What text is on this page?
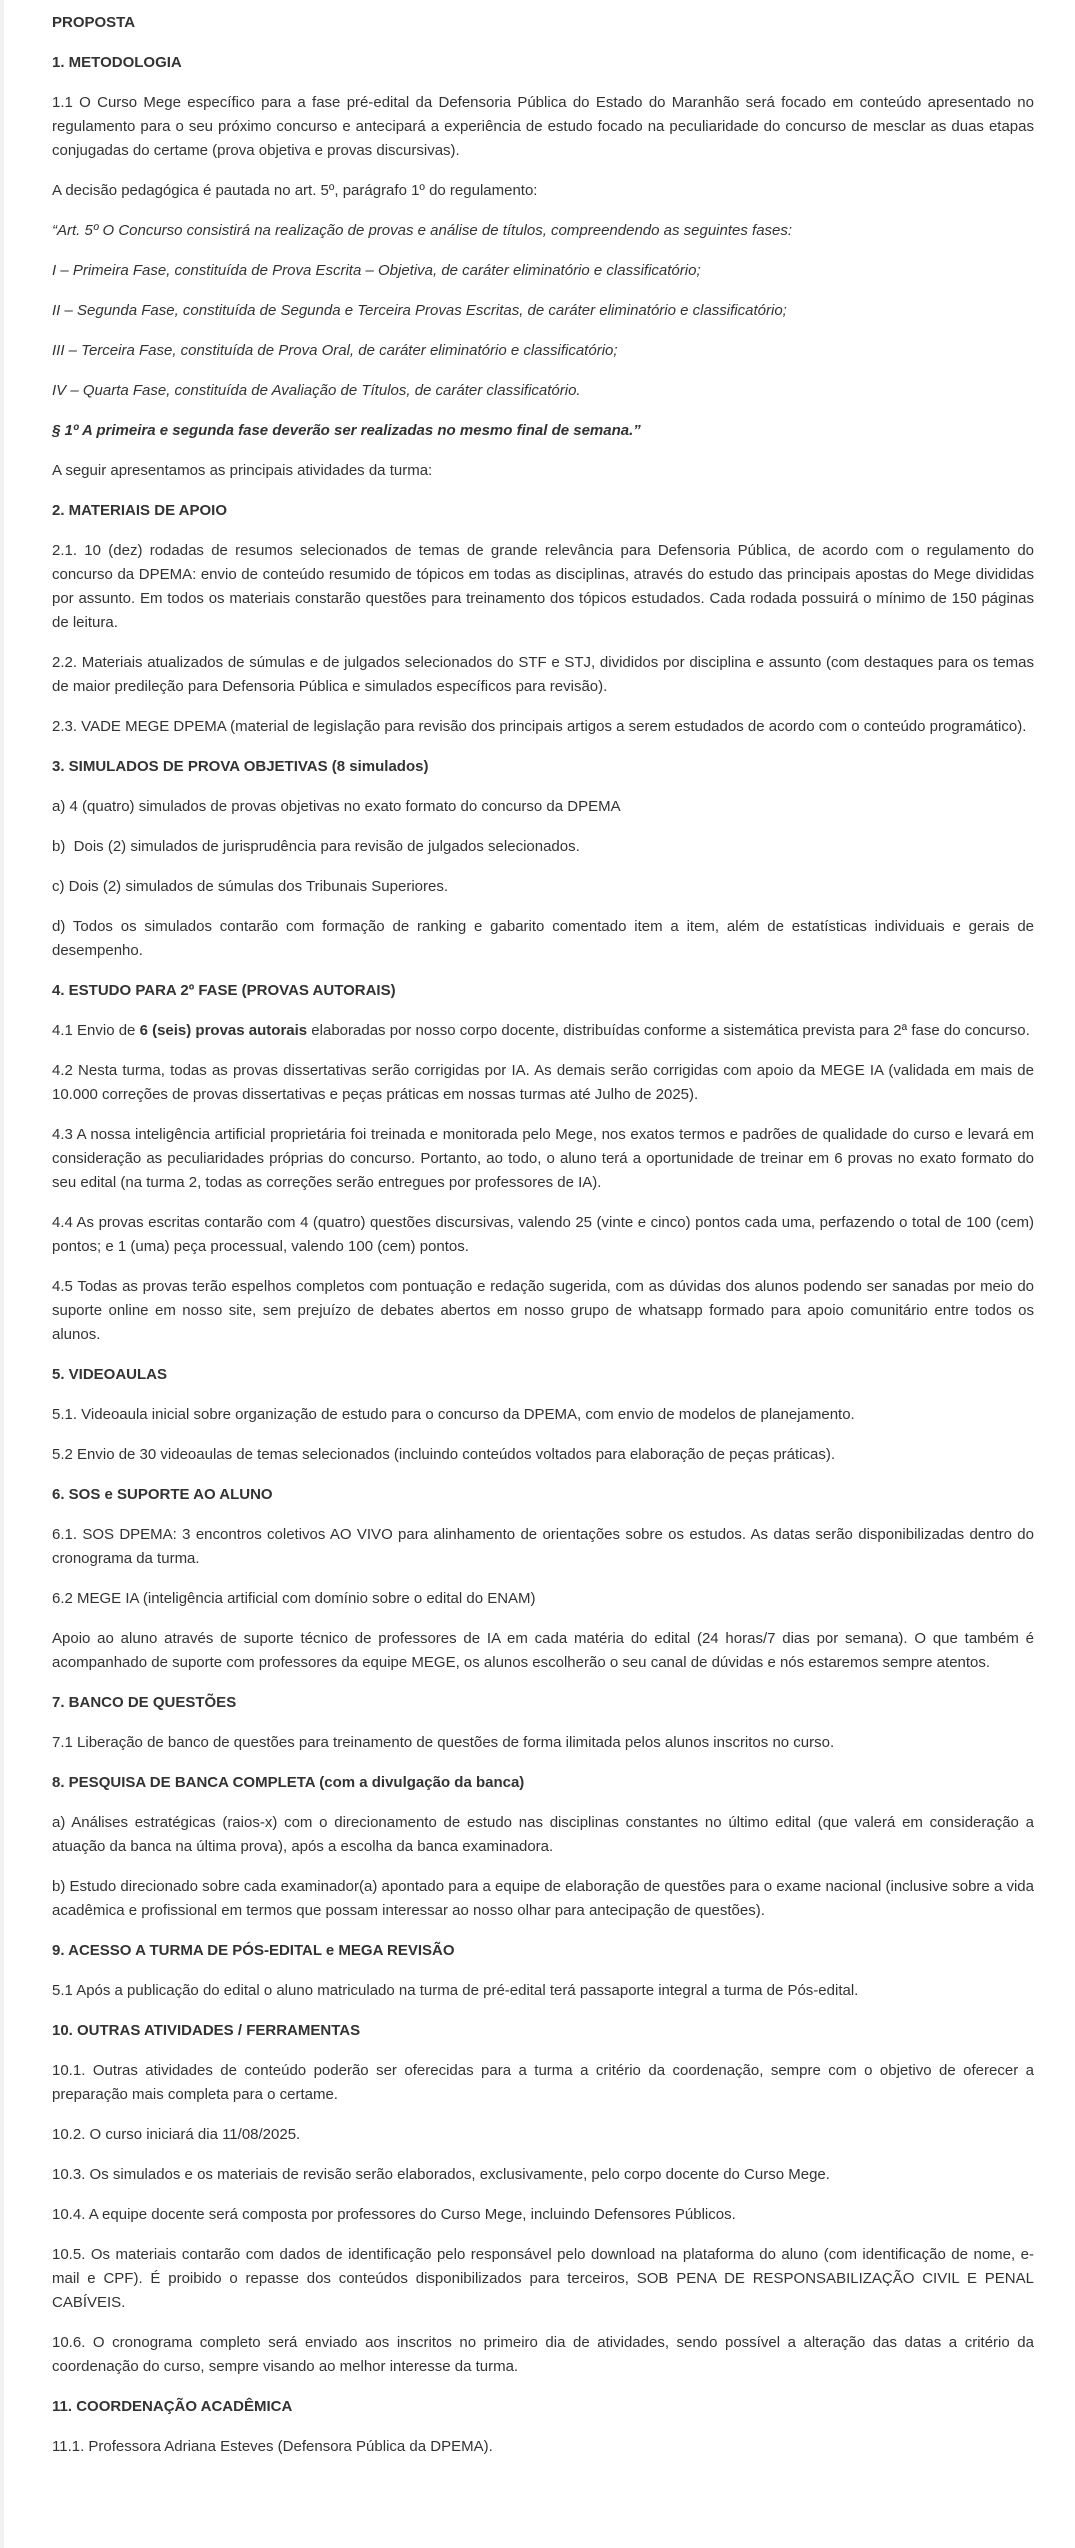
PROPOSTA

1. METODOLOGIA

1.1 O Curso Mege específico para a fase pré-edital da Defensoria Pública do Estado do Maranhão será focado em conteúdo apresentado no regulamento para o seu próximo concurso e antecipará a experiência de estudo focado na peculiaridade do concurso de mesclar as duas etapas conjugadas do certame (prova objetiva e provas discursivas).

A decisão pedagógica é pautada no art. 5º, parágrafo 1º do regulamento:

“Art. 5º O Concurso consistirá na realização de provas e análise de títulos, compreendendo as seguintes fases:

I – Primeira Fase, constituída de Prova Escrita – Objetiva, de caráter eliminatório e classificatório;

II – Segunda Fase, constituída de Segunda e Terceira Provas Escritas, de caráter eliminatório e classificatório;

III – Terceira Fase, constituída de Prova Oral, de caráter eliminatório e classificatório;

IV – Quarta Fase, constituída de Avaliação de Títulos, de caráter classificatório.

§ 1º A primeira e segunda fase deverão ser realizadas no mesmo final de semana.”

A seguir apresentamos as principais atividades da turma:

2. MATERIAIS DE APOIO

2.1. 10 (dez) rodadas de resumos selecionados de temas de grande relevância para Defensoria Pública, de acordo com o regulamento do concurso da DPEMA: envio de conteúdo resumido de tópicos em todas as disciplinas, através do estudo das principais apostas do Mege divididas por assunto. Em todos os materiais constarão questões para treinamento dos tópicos estudados. Cada rodada possuirá o mínimo de 150 páginas de leitura.

2.2. Materiais atualizados de súmulas e de julgados selecionados do STF e STJ, divididos por disciplina e assunto (com destaques para os temas de maior predileção para Defensoria Pública e simulados específicos para revisão).

2.3. VADE MEGE DPEMA (material de legislação para revisão dos principais artigos a serem estudados de acordo com o conteúdo programático).

3. SIMULADOS DE PROVA OBJETIVAS (8 simulados)

a) 4 (quatro) simulados de provas objetivas no exato formato do concurso da DPEMA

b)  Dois (2) simulados de jurisprudência para revisão de julgados selecionados.

c) Dois (2) simulados de súmulas dos Tribunais Superiores.

d) Todos os simulados contarão com formação de ranking e gabarito comentado item a item, além de estatísticas individuais e gerais de desempenho.

4. ESTUDO PARA 2º FASE (PROVAS AUTORAIS)

4.1 Envio de 6 (seis) provas autorais elaboradas por nosso corpo docente, distribuídas conforme a sistemática prevista para 2ª fase do concurso.

4.2 Nesta turma, todas as provas dissertativas serão corrigidas por IA. As demais serão corrigidas com apoio da MEGE IA (validada em mais de 10.000 correções de provas dissertativas e peças práticas em nossas turmas até Julho de 2025).

4.3 A nossa inteligência artificial proprietária foi treinada e monitorada pelo Mege, nos exatos termos e padrões de qualidade do curso e levará em consideração as peculiaridades próprias do concurso. Portanto, ao todo, o aluno terá a oportunidade de treinar em 6 provas no exato formato do seu edital (na turma 2, todas as correções serão entregues por professores de IA).

4.4 As provas escritas contarão com 4 (quatro) questões discursivas, valendo 25 (vinte e cinco) pontos cada uma, perfazendo o total de 100 (cem) pontos; e 1 (uma) peça processual, valendo 100 (cem) pontos.

4.5 Todas as provas terão espelhos completos com pontuação e redação sugerida, com as dúvidas dos alunos podendo ser sanadas por meio do suporte online em nosso site, sem prejuízo de debates abertos em nosso grupo de whatsapp formado para apoio comunitário entre todos os alunos.

5. VIDEOAULAS

5.1. Videoaula inicial sobre organização de estudo para o concurso da DPEMA, com envio de modelos de planejamento.

5.2 Envio de 30 videoaulas de temas selecionados (incluindo conteúdos voltados para elaboração de peças práticas).

6. SOS e SUPORTE AO ALUNO

6.1. SOS DPEMA: 3 encontros coletivos AO VIVO para alinhamento de orientações sobre os estudos. As datas serão disponibilizadas dentro do cronograma da turma.

6.2 MEGE IA (inteligência artificial com domínio sobre o edital do ENAM)

Apoio ao aluno através de suporte técnico de professores de IA em cada matéria do edital (24 horas/7 dias por semana). O que também é acompanhado de suporte com professores da equipe MEGE, os alunos escolherão o seu canal de dúvidas e nós estaremos sempre atentos.

7. BANCO DE QUESTÕES

7.1 Liberação de banco de questões para treinamento de questões de forma ilimitada pelos alunos inscritos no curso.

8. PESQUISA DE BANCA COMPLETA (com a divulgação da banca)

a) Análises estratégicas (raios-x) com o direcionamento de estudo nas disciplinas constantes no último edital (que valerá em consideração a atuação da banca na última prova), após a escolha da banca examinadora.

b) Estudo direcionado sobre cada examinador(a) apontado para a equipe de elaboração de questões para o exame nacional (inclusive sobre a vida acadêmica e profissional em termos que possam interessar ao nosso olhar para antecipação de questões).

9. ACESSO A TURMA DE PÓS-EDITAL e MEGA REVISÃO

5.1 Após a publicação do edital o aluno matriculado na turma de pré-edital terá passaporte integral a turma de Pós-edital.

10. OUTRAS ATIVIDADES / FERRAMENTAS

10.1. Outras atividades de conteúdo poderão ser oferecidas para a turma a critério da coordenação, sempre com o objetivo de oferecer a preparação mais completa para o certame.

10.2. O curso iniciará dia 11/08/2025.

10.3. Os simulados e os materiais de revisão serão elaborados, exclusivamente, pelo corpo docente do Curso Mege.

10.4. A equipe docente será composta por professores do Curso Mege, incluindo Defensores Públicos.

10.5. Os materiais contarão com dados de identificação pelo responsável pelo download na plataforma do aluno (com identificação de nome, e-mail e CPF). É proibido o repasse dos conteúdos disponibilizados para terceiros, SOB PENA DE RESPONSABILIZAÇÃO CIVIL E PENAL CABÍVEIS.

10.6. O cronograma completo será enviado aos inscritos no primeiro dia de atividades, sendo possível a alteração das datas a critério da coordenação do curso, sempre visando ao melhor interesse da turma.

11. COORDENAÇÃO ACADÊMICA

11.1. Professora Adriana Esteves (Defensora Pública da DPEMA).
